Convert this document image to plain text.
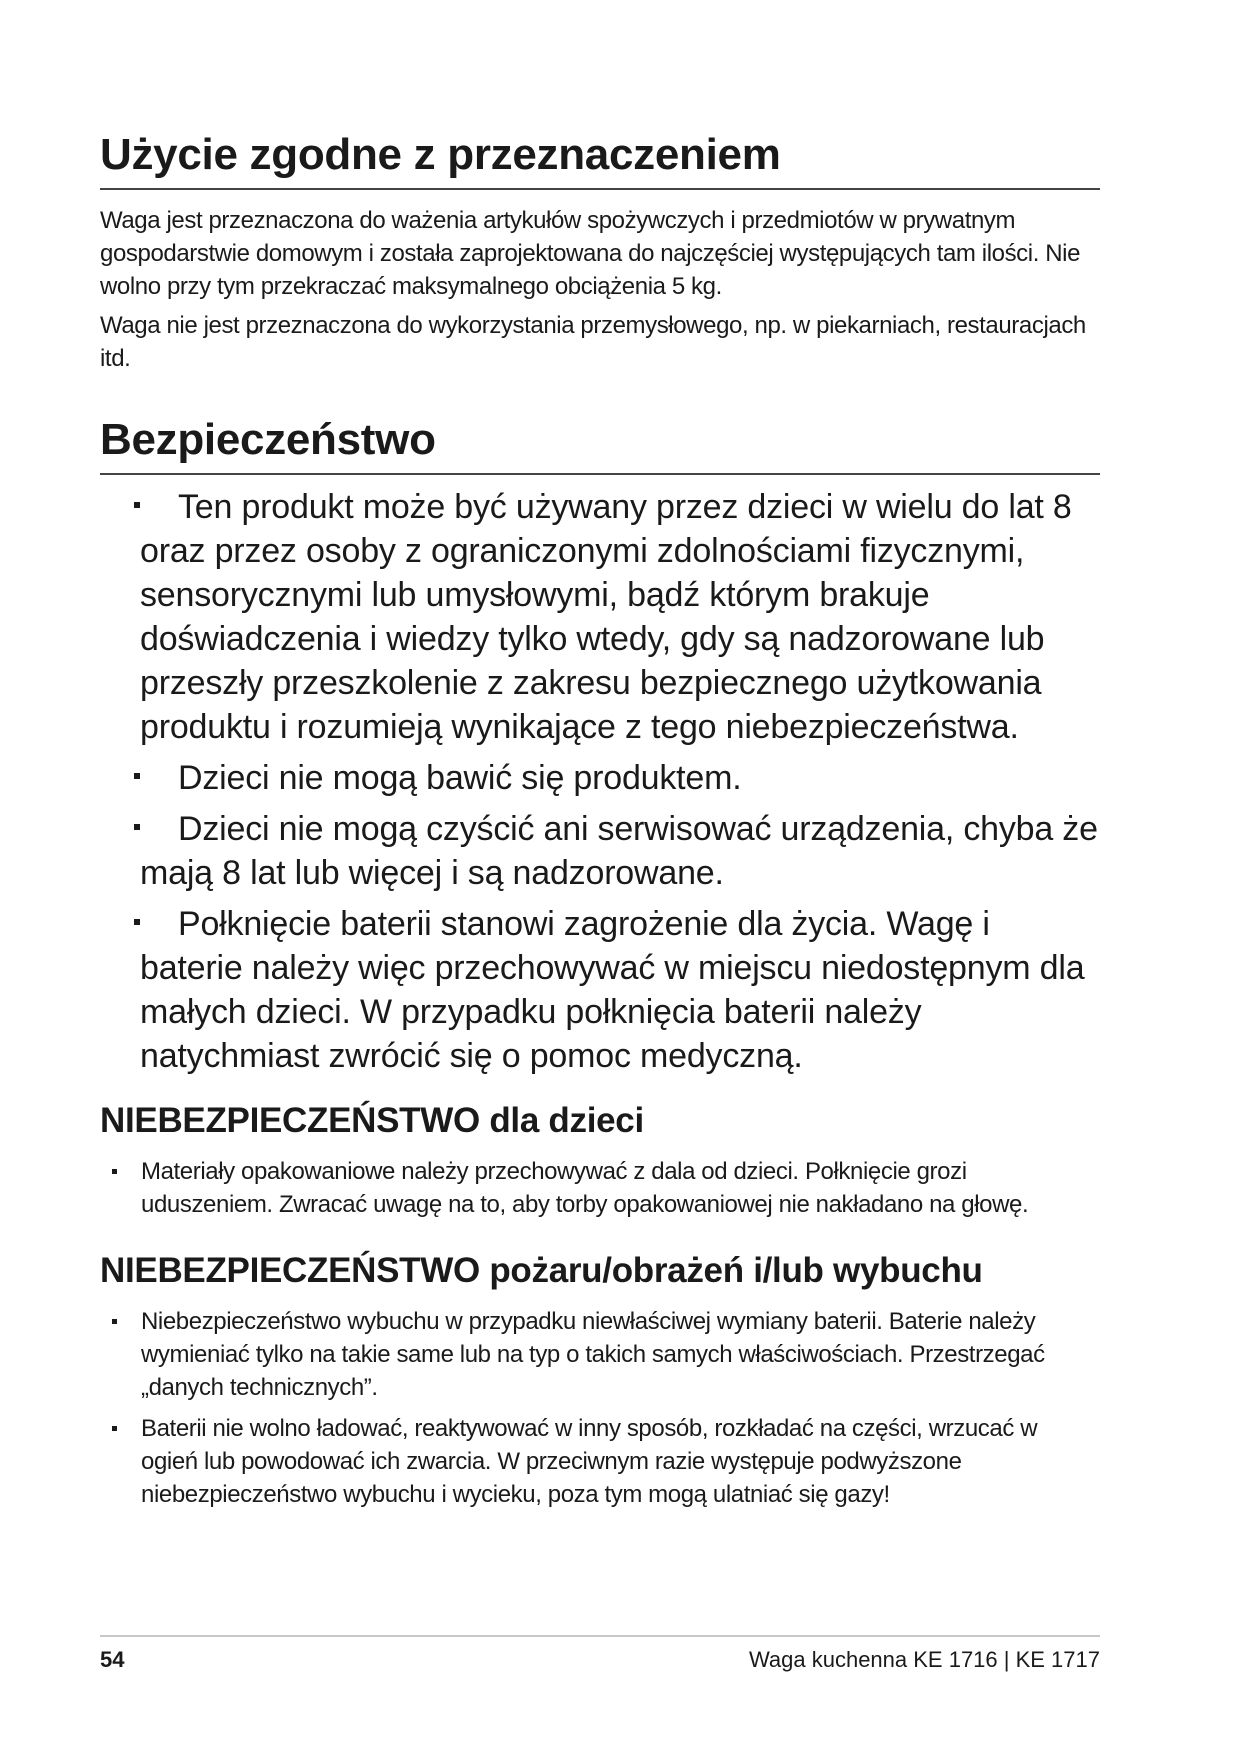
Użycie zgodne z przeznaczeniem

Waga jest przeznaczona do ważenia artykułów spożywczych i przedmiotów w prywatnym gospodarstwie domowym i została zaprojektowana do najczęściej występujących tam ilości. Nie wolno przy tym przekraczać maksymalnego obciążenia 5 kg.

Waga nie jest przeznaczona do wykorzystania przemysłowego, np. w piekarniach, restauracjach itd.

Bezpieczeństwo
Ten produkt może być używany przez dzieci w wielu do lat 8 oraz przez osoby z ograniczonymi zdolnościami fizycznymi, sensorycznymi lub umysłowymi, bądź którym brakuje doświadczenia i wiedzy tylko wtedy, gdy są nadzorowane lub przeszły przeszkolenie z zakresu bezpiecznego użytkowania produktu i rozumieją wynikające z tego niebezpieczeństwa.
Dzieci nie mogą bawić się produktem.
Dzieci nie mogą czyścić ani serwisować urządzenia, chyba że mają 8 lat lub więcej i są nadzorowane.
Połknięcie baterii stanowi zagrożenie dla życia. Wagę i baterie należy więc przechowywać w miejscu niedostępnym dla małych dzieci. W przypadku połknięcia baterii należy natychmiast zwrócić się o pomoc medyczną.
NIEBEZPIECZEŃSTWO dla dzieci
Materiały opakowaniowe należy przechowywać z dala od dzieci. Połknięcie grozi uduszeniem. Zwracać uwagę na to, aby torby opakowaniowej nie nakładano na głowę.
NIEBEZPIECZEŃSTWO pożaru/obrażeń i/lub wybuchu
Niebezpieczeństwo wybuchu w przypadku niewłaściwej wymiany baterii. Baterie należy wymieniać tylko na takie same lub na typ o takich samych właściwościach. Przestrzegać „danych technicznych”.
Baterii nie wolno ładować, reaktywować w inny sposób, rozkładać na części, wrzucać w ogień lub powodować ich zwarcia. W przeciwnym razie występuje podwyższone niebezpieczeństwo wybuchu i wycieku, poza tym mogą ulatniać się gazy!
54	Waga kuchenna KE 1716 | KE 1717
